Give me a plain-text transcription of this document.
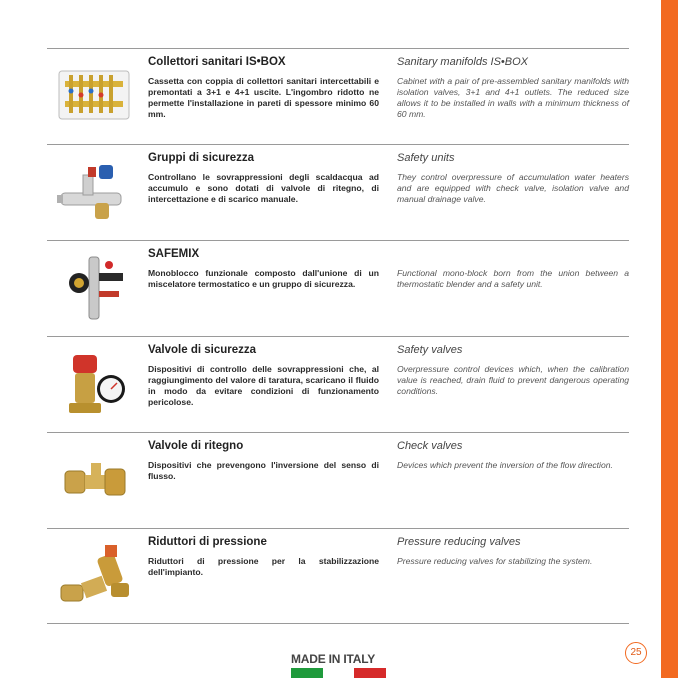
Collettori sanitari IS•BOX
Cassetta con coppia di collettori sanitari intercettabili e premontati a 3+1 e 4+1 uscite. L'ingombro ridotto ne permette l'installazione in pareti di spessore minimo 60 mm.
Sanitary manifolds IS•BOX
Cabinet with a pair of pre-assembled sanitary manifolds with isolation valves, 3+1 and 4+1 outlets. The reduced size allows it to be installed in walls with a minimum thickness of 60 mm.
Gruppi di sicurezza
Controllano le sovrappressioni degli scaldacqua ad accumulo e sono dotati di valvole di ritegno, di intercettazione e di scarico manuale.
Safety units
They control overpressure of accumulation water heaters and are equipped with check valve, isolation valve and manual drainage valve.
SAFEMIX
Monoblocco funzionale composto dall'unione di un miscelatore termostatico e un gruppo di sicurezza.
Functional mono-block born from the union between a thermostatic blender and a safety unit.
Valvole di sicurezza
Dispositivi di controllo delle sovrappressioni che, al raggiungimento del valore di taratura, scaricano il fluido in modo da evitare condizioni di funzionamento pericolose.
Safety valves
Overpressure control devices which, when the calibration value is reached, drain fluid to prevent dangerous operating conditions.
Valvole di ritegno
Dispositivi che prevengono l'inversione del senso di flusso.
Check valves
Devices which prevent the inversion of the flow direction.
Riduttori di pressione
Riduttori di pressione per la stabilizzazione dell'impianto.
Pressure reducing valves
Pressure reducing valves for stabilizing the system.
25
MADE IN ITALY
